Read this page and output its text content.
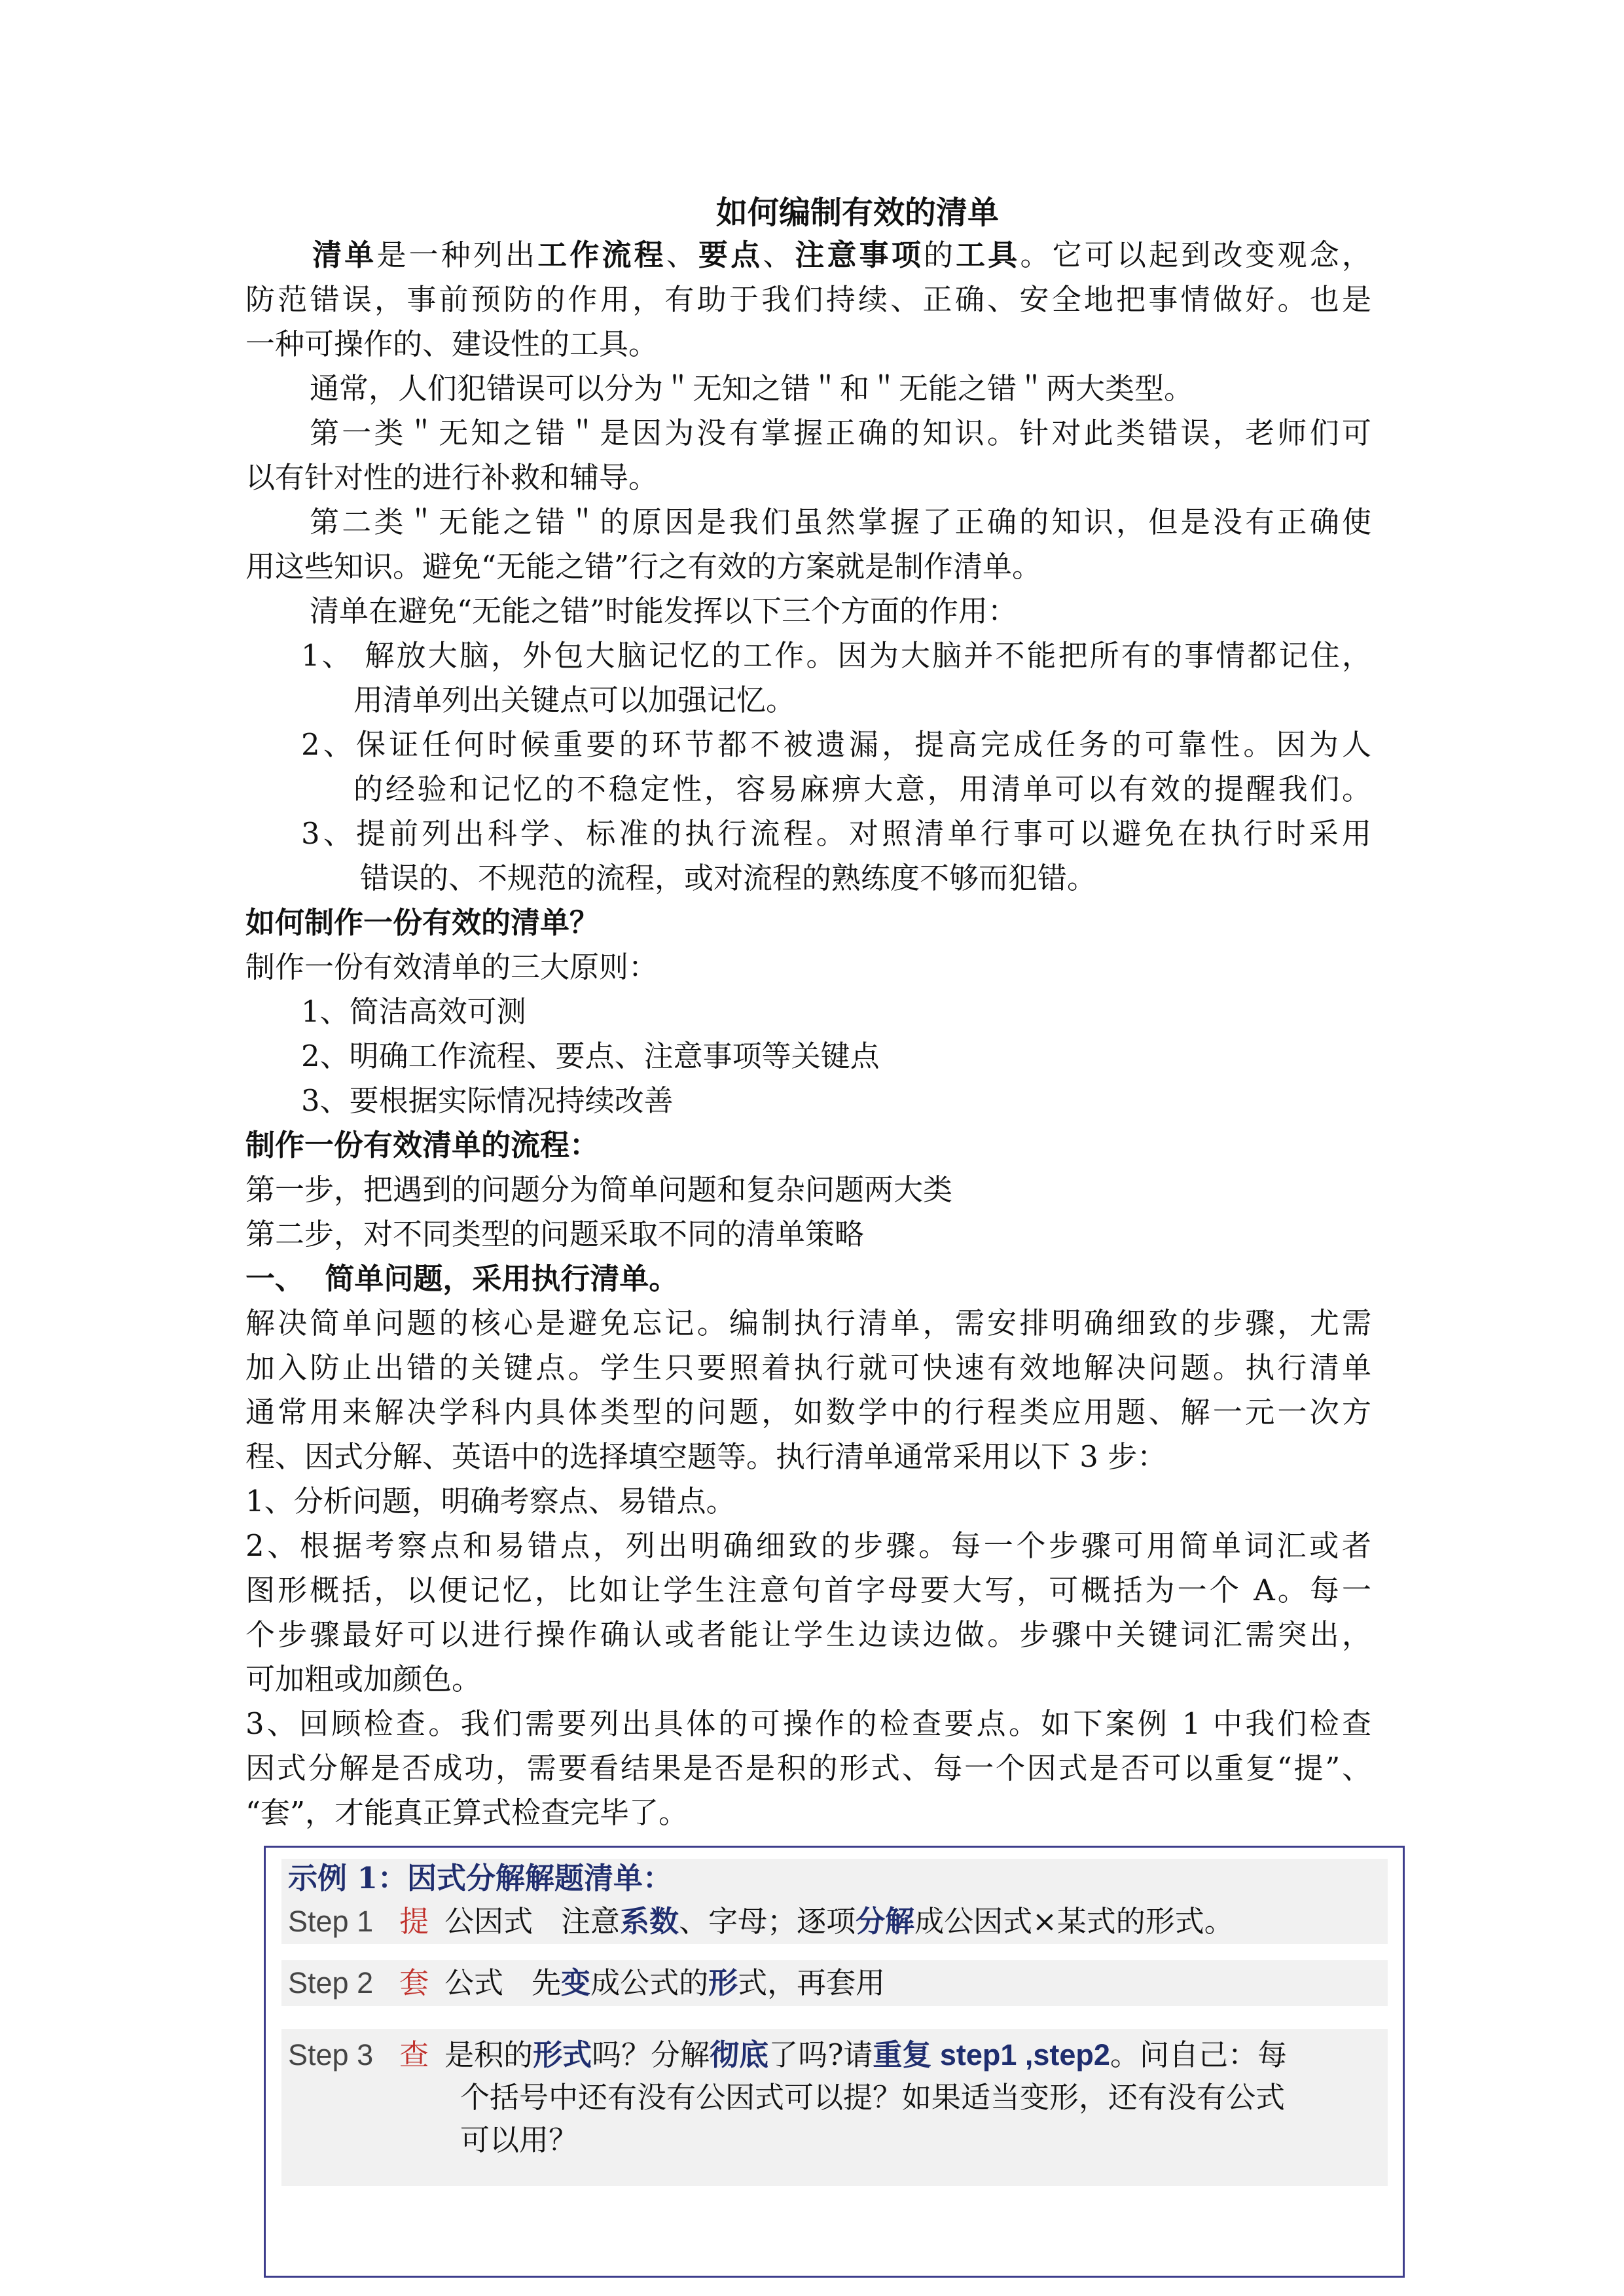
如何编制有效的清单
清单是一种列出工作流程、要点、注意事项的工具。它可以起到改变观念，
防范错误，事前预防的作用，有助于我们持续、正确、安全地把事情做好。也是
一种可操作的、建设性的工具。
通常，人们犯错误可以分为＂无知之错＂和＂无能之错＂两大类型。
第一类＂无知之错＂是因为没有掌握正确的知识。针对此类错误，老师们可
以有针对性的进行补救和辅导。
第二类＂无能之错＂的原因是我们虽然掌握了正确的知识，但是没有正确使
用这些知识。避免“无能之错”行之有效的方案就是制作清单。
清单在避免“无能之错”时能发挥以下三个方面的作用：
1、 解放大脑，外包大脑记忆的工作。因为大脑并不能把所有的事情都记住，
用清单列出关键点可以加强记忆。
2、保证任何时候重要的环节都不被遗漏，提高完成任务的可靠性。因为人
的经验和记忆的不稳定性，容易麻痹大意，用清单可以有效的提醒我们。
3、提前列出科学、标准的执行流程。对照清单行事可以避免在执行时采用
错误的、不规范的流程，或对流程的熟练度不够而犯错。
如何制作一份有效的清单？
制作一份有效清单的三大原则：
1、简洁高效可测
2、明确工作流程、要点、注意事项等关键点
3、要根据实际情况持续改善
制作一份有效清单的流程：
第一步，把遇到的问题分为简单问题和复杂问题两大类
第二步，对不同类型的问题采取不同的清单策略
一、  简单问题，采用执行清单。
解决简单问题的核心是避免忘记。编制执行清单，需安排明确细致的步骤，尤需
加入防止出错的关键点。学生只要照着执行就可快速有效地解决问题。执行清单
通常用来解决学科内具体类型的问题，如数学中的行程类应用题、解一元一次方
程、因式分解、英语中的选择填空题等。执行清单通常采用以下 3 步：
1、分析问题，明确考察点、易错点。
2、根据考察点和易错点，列出明确细致的步骤。每一个步骤可用简单词汇或者
图形概括，以便记忆，比如让学生注意句首字母要大写，可概括为一个 A。每一
个步骤最好可以进行操作确认或者能让学生边读边做。步骤中关键词汇需突出，
可加粗或加颜色。
3、回顾检查。我们需要列出具体的可操作的检查要点。如下案例 1 中我们检查
因式分解是否成功，需要看结果是否是积的形式、每一个因式是否可以重复“提”、
“套”，才能真正算式检查完毕了。
示例 1：因式分解解题清单：
Step 1 提 公因式   注意系数、字母；逐项分解成公因式×某式的形式。
Step 2 套 公式   先变成公式的形式，再套用
Step 3 查 是积的形式吗？分解彻底了吗?请重复 step1 ,step2。问自己：每
个括号中还有没有公因式可以提？如果适当变形，还有没有公式
可以用？
